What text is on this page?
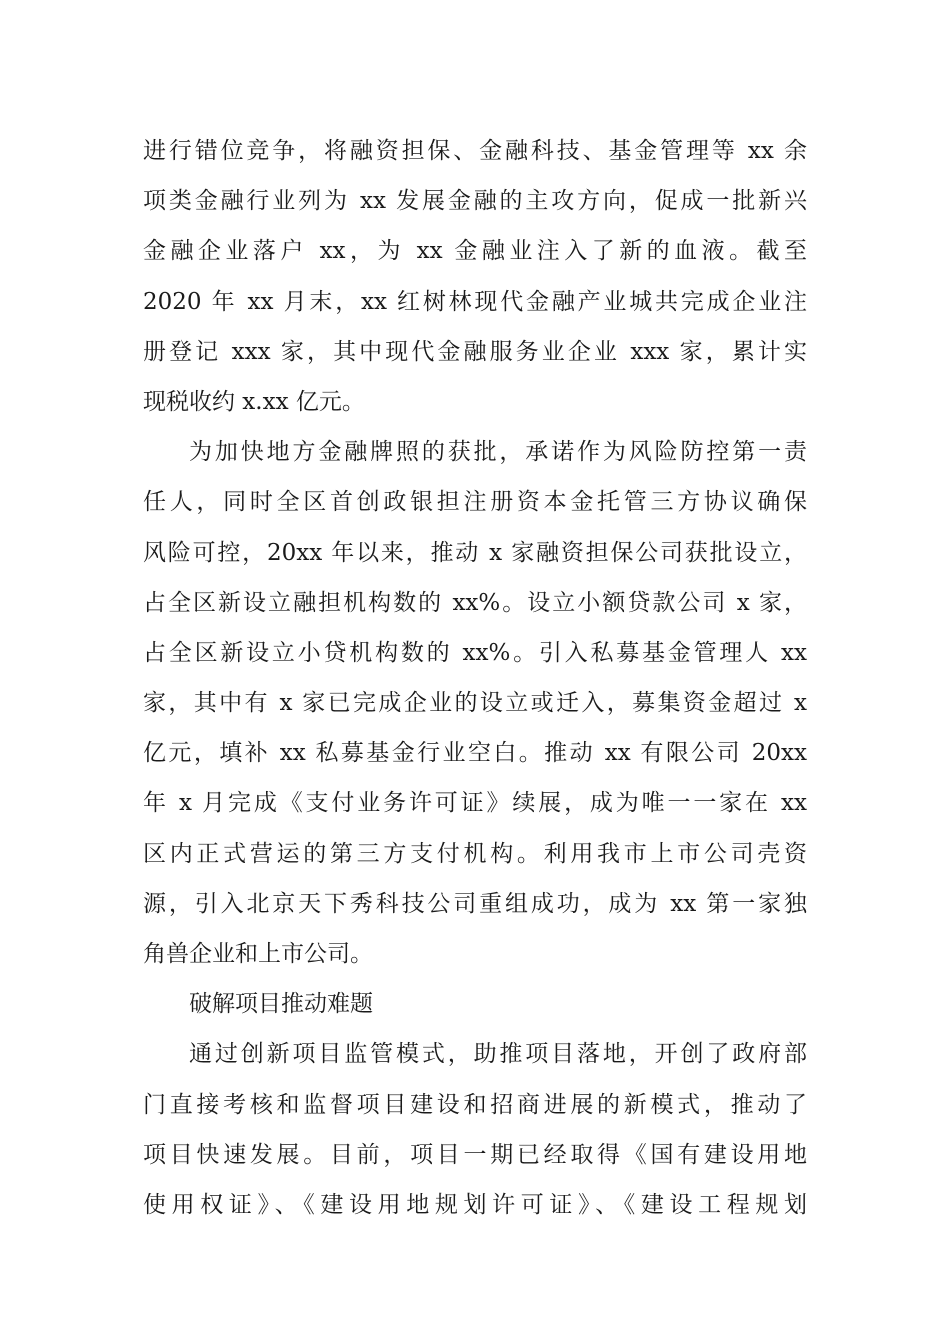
进行错位竞争，将融资担保、金融科技、基金管理等 xx 余
项类金融行业列为 xx 发展金融的主攻方向，促成一批新兴
金融企业落户 xx，为 xx 金融业注入了新的血液。截至
2020 年 xx 月末，xx 红树林现代金融产业城共完成企业注
册登记 xxx 家，其中现代金融服务业企业 xxx 家，累计实
现税收约 x.xx 亿元。
为加快地方金融牌照的获批，承诺作为风险防控第一责
任人，同时全区首创政银担注册资本金托管三方协议确保
风险可控，20xx 年以来，推动 x 家融资担保公司获批设立，
占全区新设立融担机构数的 xx%。设立小额贷款公司 x 家，
占全区新设立小贷机构数的 xx%。引入私募基金管理人 xx
家，其中有 x 家已完成企业的设立或迁入，募集资金超过 x
亿元，填补 xx 私募基金行业空白。推动 xx 有限公司 20xx
年 x 月完成《支付业务许可证》续展，成为唯一一家在 xx
区内正式营运的第三方支付机构。利用我市上市公司壳资
源，引入北京天下秀科技公司重组成功，成为 xx 第一家独
角兽企业和上市公司。
破解项目推动难题
通过创新项目监管模式，助推项目落地，开创了政府部
门直接考核和监督项目建设和招商进展的新模式，推动了
项目快速发展。目前，项目一期已经取得《国有建设用地
使用权证》、《建设用地规划许可证》、《建设工程规划
